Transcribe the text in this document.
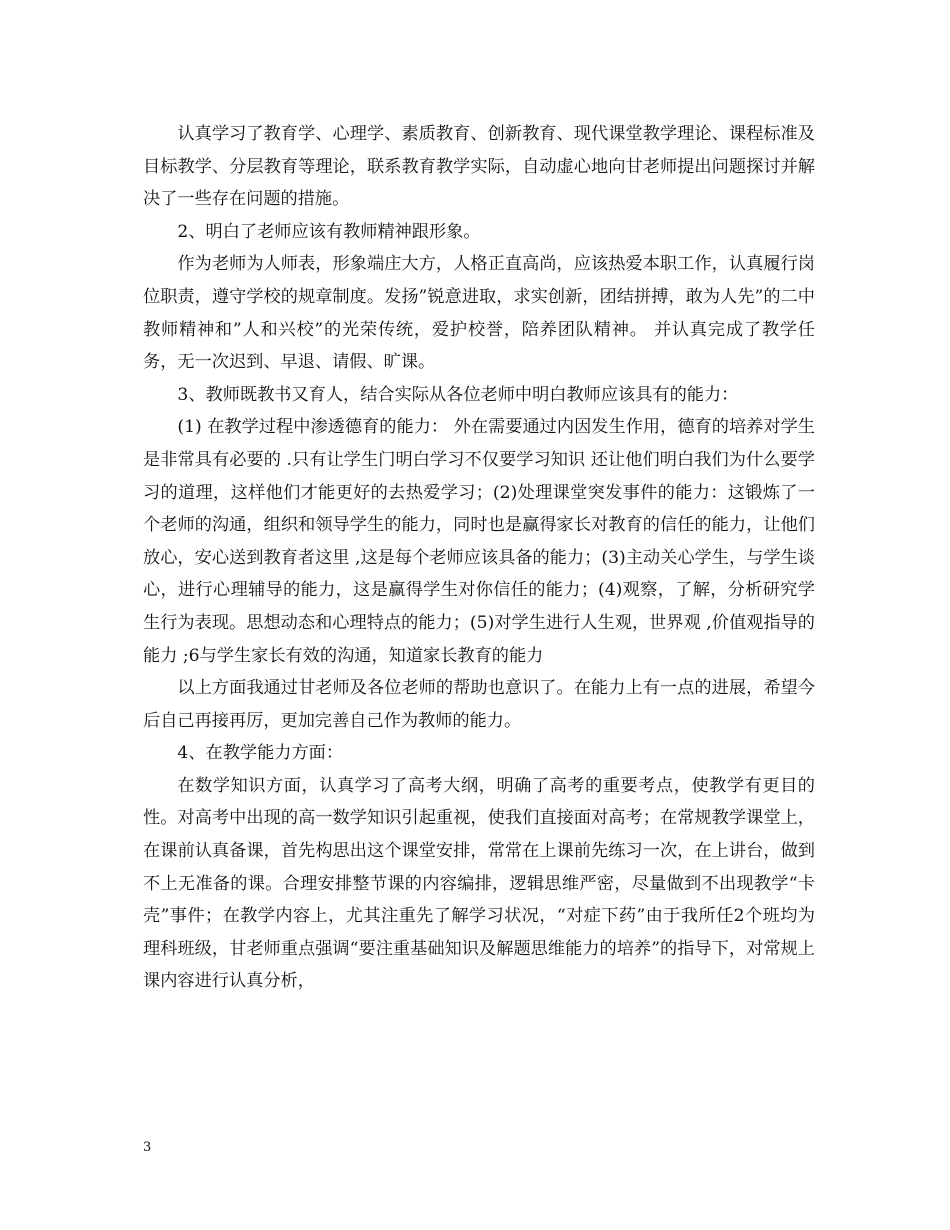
认真学习了教育学、心理学、素质教育、创新教育、现代课堂教学理论、课程标准及目标教学、分层教育等理论，联系教育教学实际，自动虚心地向甘老师提出问题探讨并解决了一些存在问题的措施。

2、明白了老师应该有教师精神跟形象。

作为老师为人师表，形象端庄大方，人格正直高尚，应该热爱本职工作，认真履行岗位职责，遵守学校的规章制度。发扬”锐意进取，求实创新，团结拼搏，敢为人先”的二中教师精神和”人和兴校”的光荣传统，爱护校誉，陪养团队精神。 并认真完成了教学任务，无一次迟到、早退、请假、旷课。

3、教师既教书又育人，结合实际从各位老师中明白教师应该具有的能力：

(1) 在教学过程中渗透德育的能力： 外在需要通过内因发生作用，德育的培养对学生是非常具有必要的 .只有让学生门明白学习不仅要学习知识 还让他们明白我们为什么要学习的道理，这样他们才能更好的去热爱学习；(2)处理课堂突发事件的能力：这锻炼了一个老师的沟通，组织和领导学生的能力，同时也是赢得家长对教育的信任的能力，让他们放心，安心送到教育者这里 ,这是每个老师应该具备的能力；(3)主动关心学生，与学生谈心，进行心理辅导的能力，这是赢得学生对你信任的能力；(4)观察，了解，分析研究学生行为表现。思想动态和心理特点的能力；(5)对学生进行人生观，世界观 ,价值观指导的能力 ;6与学生家长有效的沟通，知道家长教育的能力

以上方面我通过甘老师及各位老师的帮助也意识了。在能力上有一点的进展，希望今后自己再接再厉，更加完善自己作为教师的能力。

4、在教学能力方面：

在数学知识方面，认真学习了高考大纲，明确了高考的重要考点，使教学有更目的性。对高考中出现的高一数学知识引起重视，使我们直接面对高考；在常规教学课堂上，在课前认真备课，首先构思出这个课堂安排，常常在上课前先练习一次，在上讲台，做到不上无准备的课。合理安排整节课的内容编排，逻辑思维严密，尽量做到不出现教学“卡壳”事件；在教学内容上，尤其注重先了解学习状况，“对症下药”由于我所任2个班均为理科班级，甘老师重点强调“要注重基础知识及解题思维能力的培养”的指导下，对常规上课内容进行认真分析，

3
